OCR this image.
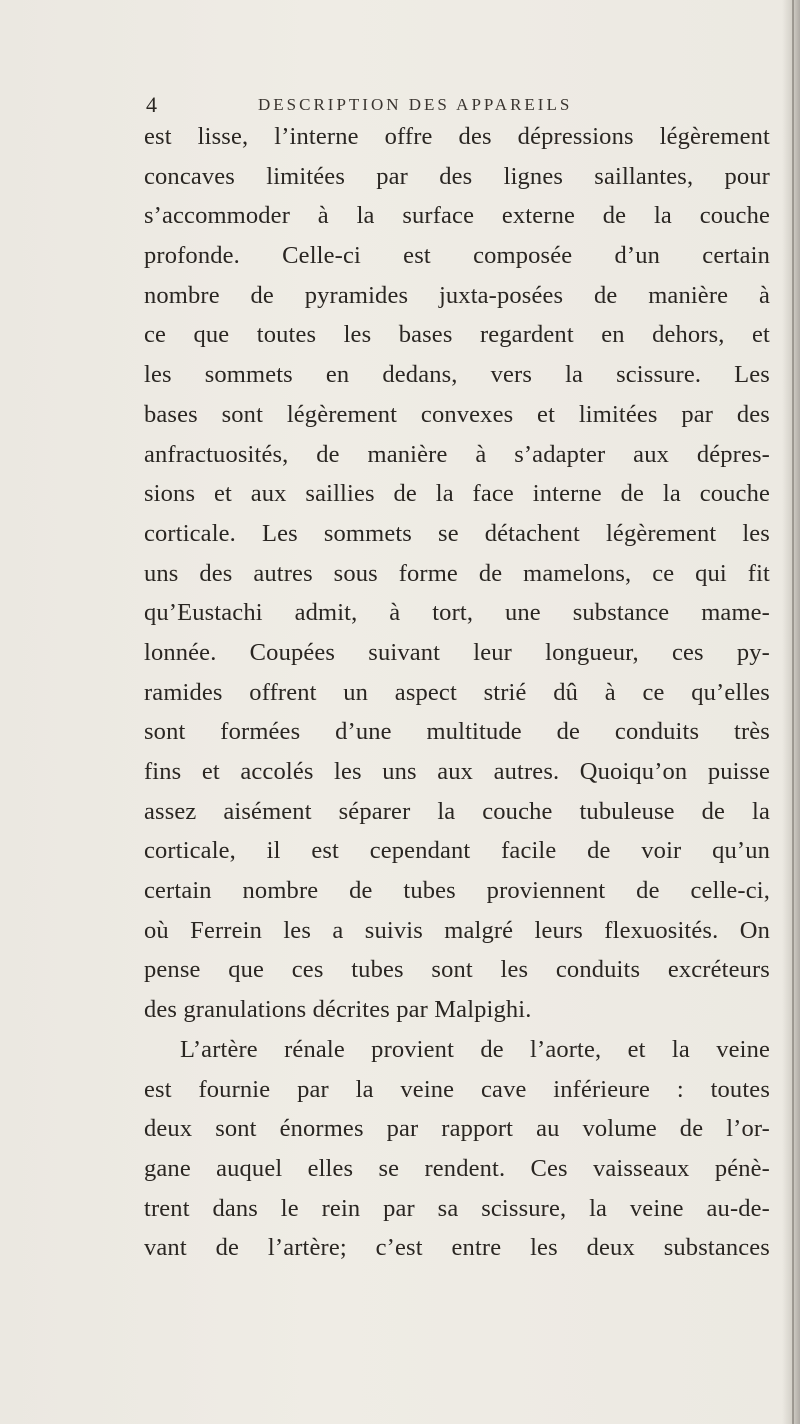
4	DESCRIPTION DES APPAREILS
est lisse, l’interne offre des dépressions légèrement
concaves limitées par des lignes saillantes, pour
s’accommoder à la surface externe de la couche
profonde. Celle-ci est composée d’un certain
nombre de pyramides juxta-posées de manière à
ce que toutes les bases regardent en dehors, et
les sommets en dedans, vers la scissure. Les
bases sont légèrement convexes et limitées par des
anfractuosités, de manière à s’adapter aux dépres-
sions et aux saillies de la face interne de la couche
corticale. Les sommets se détachent légèrement les
uns des autres sous forme de mamelons, ce qui fit
qu’Eustachi admit, à tort, une substance mame-
lonnée. Coupées suivant leur longueur, ces py-
ramides offrent un aspect strié dû à ce qu’elles
sont formées d’une multitude de conduits très
fins et accolés les uns aux autres. Quoiqu’on puisse
assez aisément séparer la couche tubuleuse de la
corticale, il est cependant facile de voir qu’un
certain nombre de tubes proviennent de celle-ci,
où Ferrein les a suivis malgré leurs flexuosités. On
pense que ces tubes sont les conduits excréteurs
des granulations décrites par Malpighi.
L’artère rénale provient de l’aorte, et la veine
est fournie par la veine cave inférieure : toutes
deux sont énormes par rapport au volume de l’or-
gane auquel elles se rendent. Ces vaisseaux pénè-
trent dans le rein par sa scissure, la veine au-de-
vant de l’artère; c’est entre les deux substances
